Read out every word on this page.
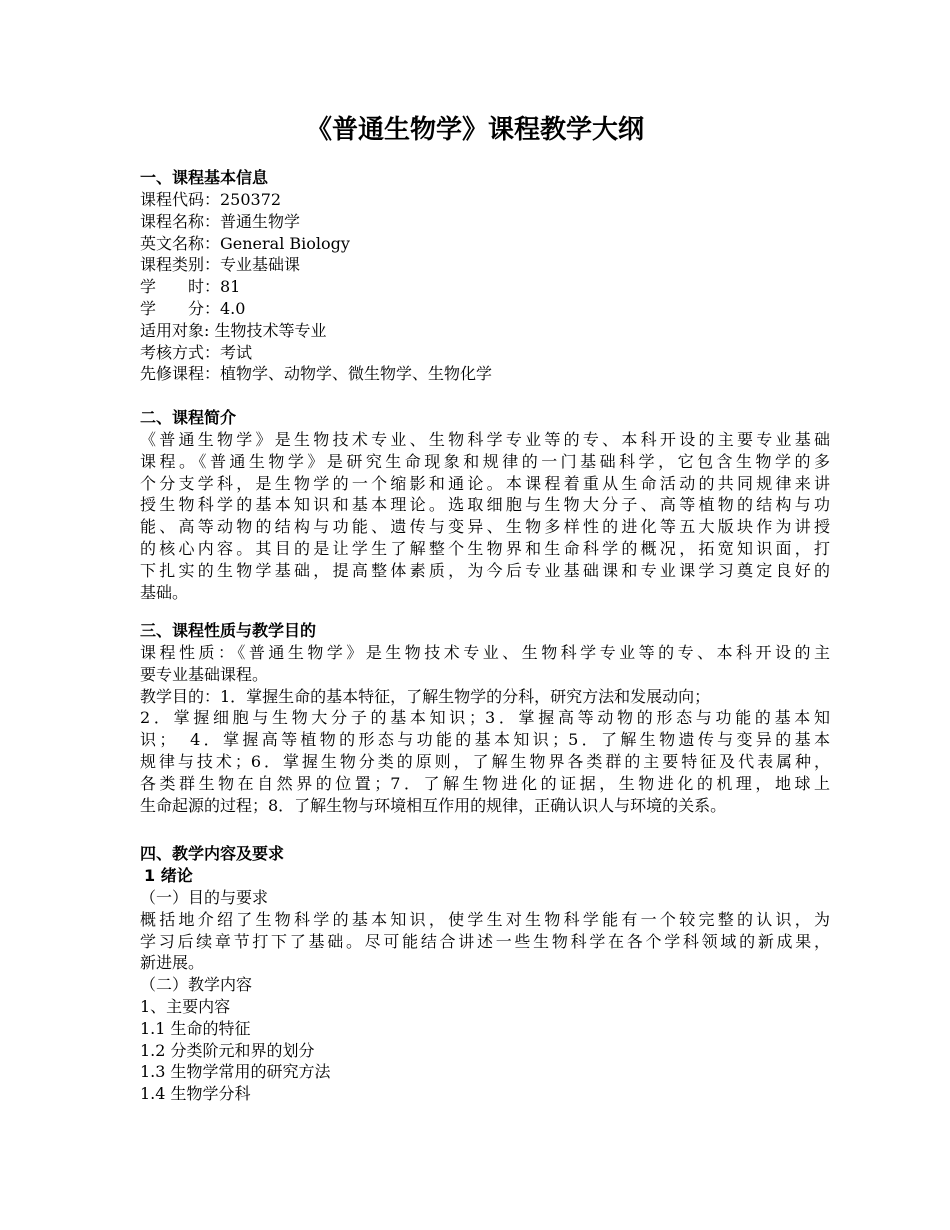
《普通生物学》课程教学大纲
一、课程基本信息
课程代码：250372
课程名称：普通生物学
英文名称：General Biology
课程类别：专业基础课
学　　时：81
学　　分：4.0
适用对象: 生物技术等专业
考核方式：考试
先修课程：植物学、动物学、微生物学、生物化学
二、课程简介
《普通生物学》是生物技术专业、生物科学专业等的专、本科开设的主要专业基础
课程。《普通生物学》是研究生命现象和规律的一门基础科学，它包含生物学的多
个分支学科，是生物学的一个缩影和通论。本课程着重从生命活动的共同规律来讲
授生物科学的基本知识和基本理论。选取细胞与生物大分子、高等植物的结构与功
能、高等动物的结构与功能、遗传与变异、生物多样性的进化等五大版块作为讲授
的核心内容。其目的是让学生了解整个生物界和生命科学的概况，拓宽知识面，打
下扎实的生物学基础，提高整体素质，为今后专业基础课和专业课学习奠定良好的
基础。
三、课程性质与教学目的
课程性质：《普通生物学》是生物技术专业、生物科学专业等的专、本科开设的主
要专业基础课程。
教学目的：1．掌握生命的基本特征，了解生物学的分科，研究方法和发展动向；
2．掌握细胞与生物大分子的基本知识；3．掌握高等动物的形态与功能的基本知
识；　4．掌握高等植物的形态与功能的基本知识；5．了解生物遗传与变异的基本
规律与技术；6．掌握生物分类的原则，了解生物界各类群的主要特征及代表属种，
各类群生物在自然界的位置；7．了解生物进化的证据，生物进化的机理，地球上
生命起源的过程；8．了解生物与环境相互作用的规律，正确认识人与环境的关系。
四、教学内容及要求
1 绪论
（一）目的与要求
概括地介绍了生物科学的基本知识，使学生对生物科学能有一个较完整的认识，为
学习后续章节打下了基础。尽可能结合讲述一些生物科学在各个学科领域的新成果，
新进展。
（二）教学内容
1、主要内容
1.1 生命的特征
1.2 分类阶元和界的划分
1.3 生物学常用的研究方法
1.4 生物学分科
